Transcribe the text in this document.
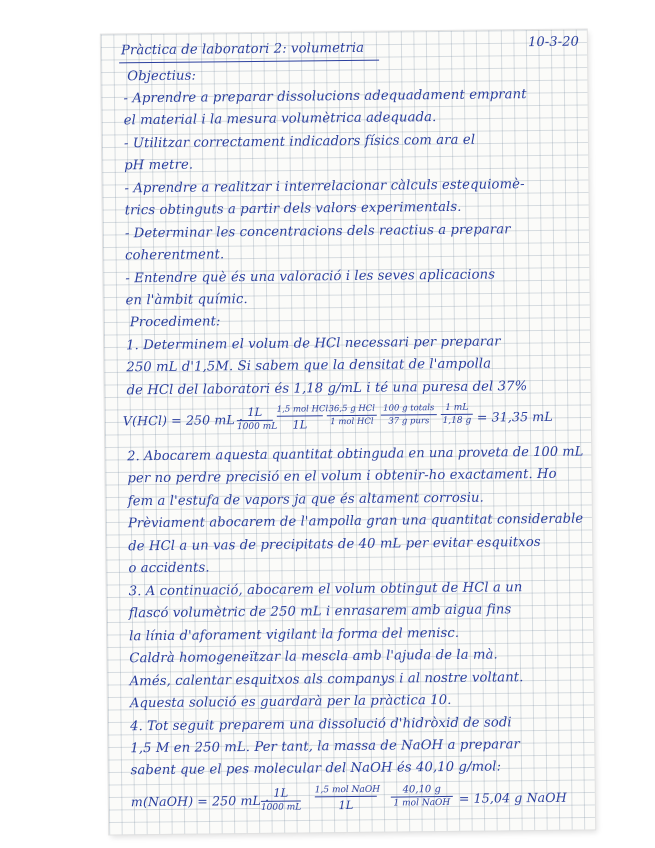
Pràctica de laboratori 2: volumetria	10-3-20
Objectius:
- Aprendre a preparar dissolucions adequadament emprant
el material i la mesura volumètrica adequada.
- Utilitzar correctament indicadors físics com ara el
pH metre.
- Aprendre a realitzar i interrelacionar càlculs estequiomè-
trics obtinguts a partir dels valors experimentals.
- Determinar les concentracions dels reactius a preparar
coherentment.
- Entendre què és una valoració i les seves aplicacions
en l'àmbit químic.
Procediment:
1. Determinem el volum de HCl necessari per preparar
250 mL d'1,5M. Si sabem que la densitat de l'ampolla
de HCl del laboratori és 1,18 g/mL i té una puresa del 37%
V(HCl) = 250 mL ·
1L
1000 mL
1,5 mol HCl
1L
36,5 g HCl
1 mol HCl
100 g totals
37 g purs	$\frac{1 mL}{1,18 g} = 31,35$ mL
2. Abocarem aquesta quantitat obtinguda en una proveta de 100 mL
per no perdre precisió en el volum i obtenir-ho exactament. Ho
fem a l'estufa de vapors ja que és altament corrosiu.
Prèviament abocarem de l'ampolla gran una quantitat considerable
de HCl a un vas de precipitats de 40 mL per evitar esquitxos
o accidents.
3. A continuació, abocarem el volum obtingut de HCl a un
flascó volumètric de 250 mL i enrasarem amb aigua fins
la línia d'aforament vigilant la forma del menisc.
Caldrà homogeneïtzar la mescla amb l'ajuda de la mà.
Amés, calentar esquitxos als companys i al nostre voltant.
Aquesta solució es guardarà per la pràctica 10.
4. Tot seguit preparem una dissolució d'hidròxid de sodi
1,5 M en 250 mL. Per tant, la massa de NaOH a preparar
sabent que el pes molecular del NaOH és 40,10 g/mol:
m(NaOH) = 250 mL ·
1L
1000 mL
1,5 mol NaOH
1L
40,10 g
1 mol NaOH = 15,04 g NaOH
